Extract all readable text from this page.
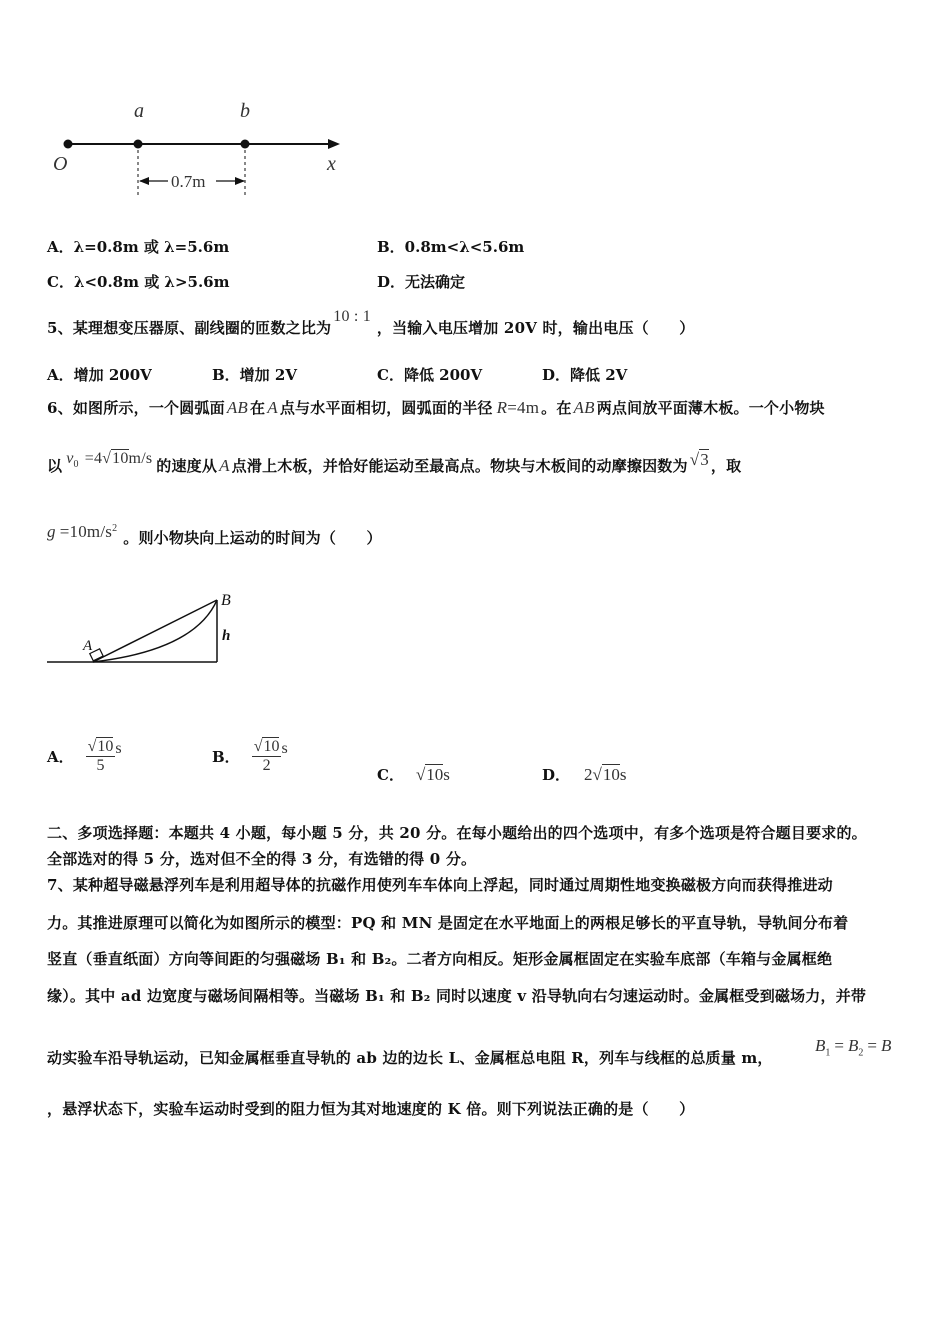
O
a	b
x
0.7m
A．λ=0.8m 或 λ=5.6m	B．0.8m<λ<5.6m
C．λ<0.8m 或 λ>5.6m	D．无法确定
5、某理想变压器原、副线圈的匝数之比为10 : 1，当输入电压增加 20V 时，输出电压（　　）
A．增加 200V	B．增加 2V	C．降低 200V	D．降低 2V
6、如图所示，一个圆弧面 AB 在 A 点与水平面相切，圆弧面的半径 R=4m 。在 AB 两点间放平面薄木板。一个小物块
以 $v_0 =4√10m/s$ 的速度从 A 点滑上木板，并恰好能运动至最高点。物块与木板间的动摩擦因数为 √3 ，取
$g =10m/s^2$。则小物块向上运动的时间为（　　）
A
B
h
A． $\frac{√10}{5}$ s	B． $\frac{√10}{2}$ s
C． √10s	D． 2√10s
二、多项选择题：本题共 4 小题，每小题 5 分，共 20 分。在每小题给出的四个选项中，有多个选项是符合题目要求的。
全部选对的得 5 分，选对但不全的得 3 分，有选错的得 0 分。
7、某种超导磁悬浮列车是利用超导体的抗磁作用使列车车体向上浮起，同时通过周期性地变换磁极方向而获得推进动
力。其推进原理可以简化为如图所示的模型：PQ 和 MN 是固定在水平地面上的两根足够长的平直导轨，导轨间分布着
竖直（垂直纸面）方向等间距的匀强磁场 B₁ 和 B₂。二者方向相反。矩形金属框固定在实验车底部（车箱与金属框绝
缘）。其中 ad 边宽度与磁场间隔相等。当磁场 B₁ 和 B₂ 同时以速度 v 沿导轨向右匀速运动时。金属框受到磁场力，并带
动实验车沿导轨运动，已知金属框垂直导轨的 ab 边的边长 L、金属框总电阻 R，列车与线框的总质量 m，
$B_1 = B_2 = B$
，悬浮状态下，实验车运动时受到的阻力恒为其对地速度的 K 倍。则下列说法正确的是（　　）
